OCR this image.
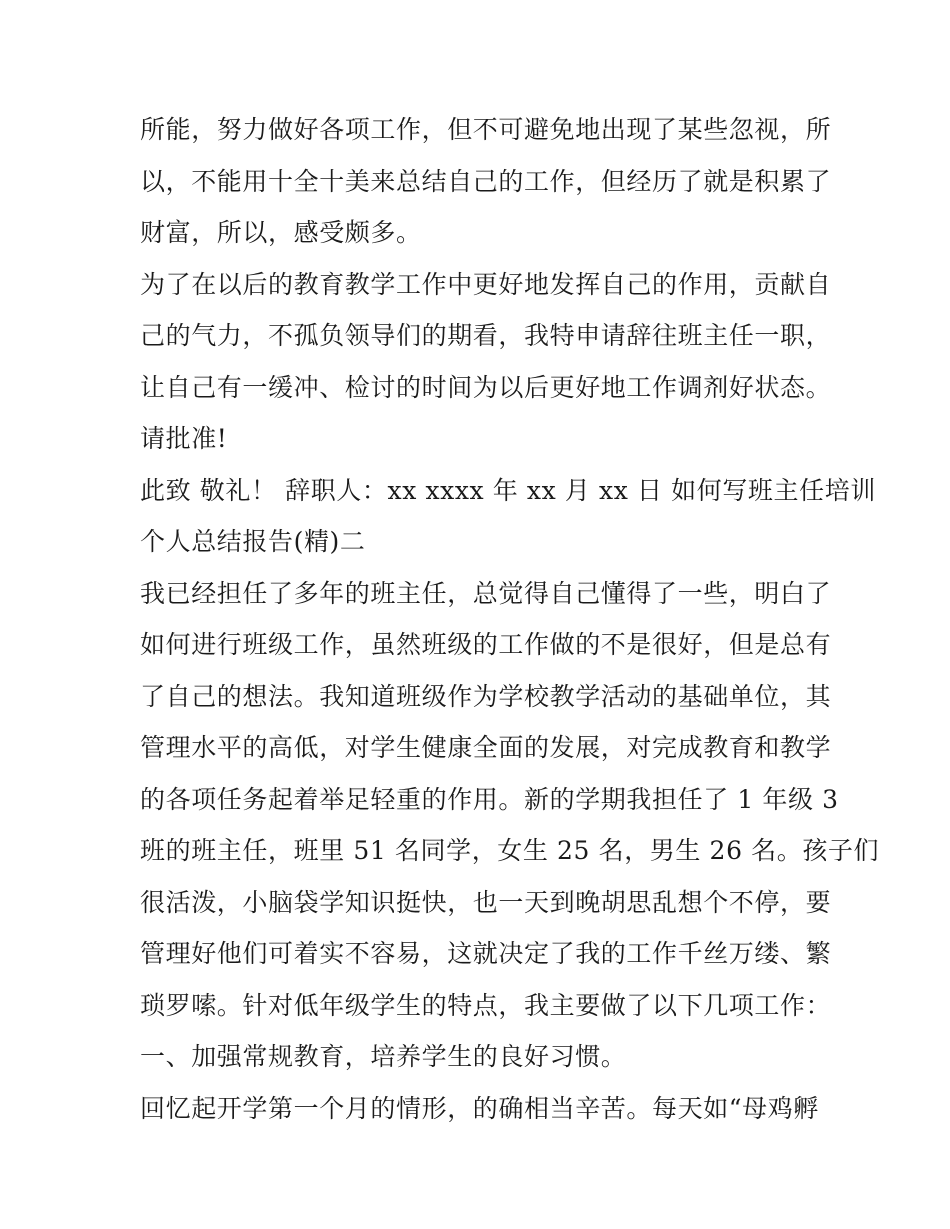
所能，努力做好各项工作，但不可避免地出现了某些忽视，所
以，不能用十全十美来总结自己的工作，但经历了就是积累了
财富，所以，感受颇多。
为了在以后的教育教学工作中更好地发挥自己的作用，贡献自
己的气力，不孤负领导们的期看，我特申请辞往班主任一职，
让自己有一缓冲、检讨的时间为以后更好地工作调剂好状态。
请批准!
此致 敬礼！ 辞职人：xx xxxx 年 xx 月 xx 日 如何写班主任培训
个人总结报告(精)二
我已经担任了多年的班主任，总觉得自己懂得了一些，明白了
如何进行班级工作，虽然班级的工作做的不是很好，但是总有
了自己的想法。我知道班级作为学校教学活动的基础单位，其
管理水平的高低，对学生健康全面的发展，对完成教育和教学
的各项任务起着举足轻重的作用。新的学期我担任了 1 年级 3
班的班主任，班里 51 名同学，女生 25 名，男生 26 名。孩子们
很活泼，小脑袋学知识挺快，也一天到晚胡思乱想个不停，要
管理好他们可着实不容易，这就决定了我的工作千丝万缕、繁
琐罗嗦。针对低年级学生的特点，我主要做了以下几项工作：
一、加强常规教育，培养学生的良好习惯。
回忆起开学第一个月的情形，的确相当辛苦。每天如“母鸡孵
